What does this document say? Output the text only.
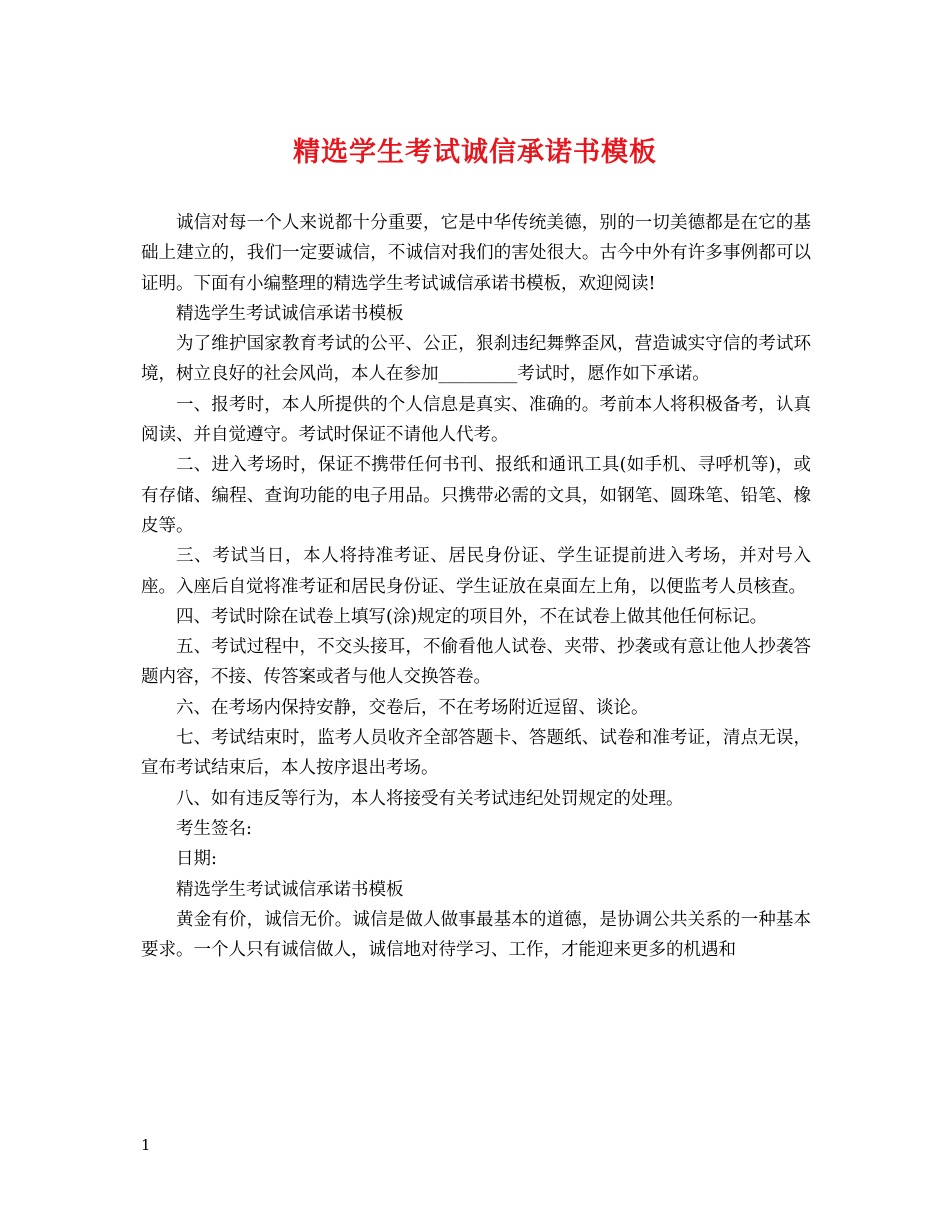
精选学生考试诚信承诺书模板

诚信对每一个人来说都十分重要，它是中华传统美德，别的一切美德都是在它的基础上建立的，我们一定要诚信，不诚信对我们的害处很大。古今中外有许多事例都可以证明。下面有小编整理的精选学生考试诚信承诺书模板，欢迎阅读!

精选学生考试诚信承诺书模板

为了维护国家教育考试的公平、公正，狠刹违纪舞弊歪风，营造诚实守信的考试环境，树立良好的社会风尚，本人在参加_________考试时，愿作如下承诺。

一、报考时，本人所提供的个人信息是真实、准确的。考前本人将积极备考，认真阅读、并自觉遵守。考试时保证不请他人代考。

二、进入考场时，保证不携带任何书刊、报纸和通讯工具(如手机、寻呼机等)，或有存储、编程、查询功能的电子用品。只携带必需的文具，如钢笔、圆珠笔、铅笔、橡皮等。

三、考试当日，本人将持准考证、居民身份证、学生证提前进入考场，并对号入座。入座后自觉将准考证和居民身份证、学生证放在桌面左上角，以便监考人员核查。

四、考试时除在试卷上填写(涂)规定的项目外，不在试卷上做其他任何标记。

五、考试过程中，不交头接耳，不偷看他人试卷、夹带、抄袭或有意让他人抄袭答题内容，不接、传答案或者与他人交换答卷。

六、在考场内保持安静，交卷后，不在考场附近逗留、谈论。

七、考试结束时，监考人员收齐全部答题卡、答题纸、试卷和准考证，清点无误，宣布考试结束后，本人按序退出考场。

八、如有违反等行为，本人将接受有关考试违纪处罚规定的处理。

考生签名:

日期:

精选学生考试诚信承诺书模板

黄金有价，诚信无价。诚信是做人做事最基本的道德，是协调公共关系的一种基本要求。一个人只有诚信做人，诚信地对待学习、工作，才能迎来更多的机遇和

1
